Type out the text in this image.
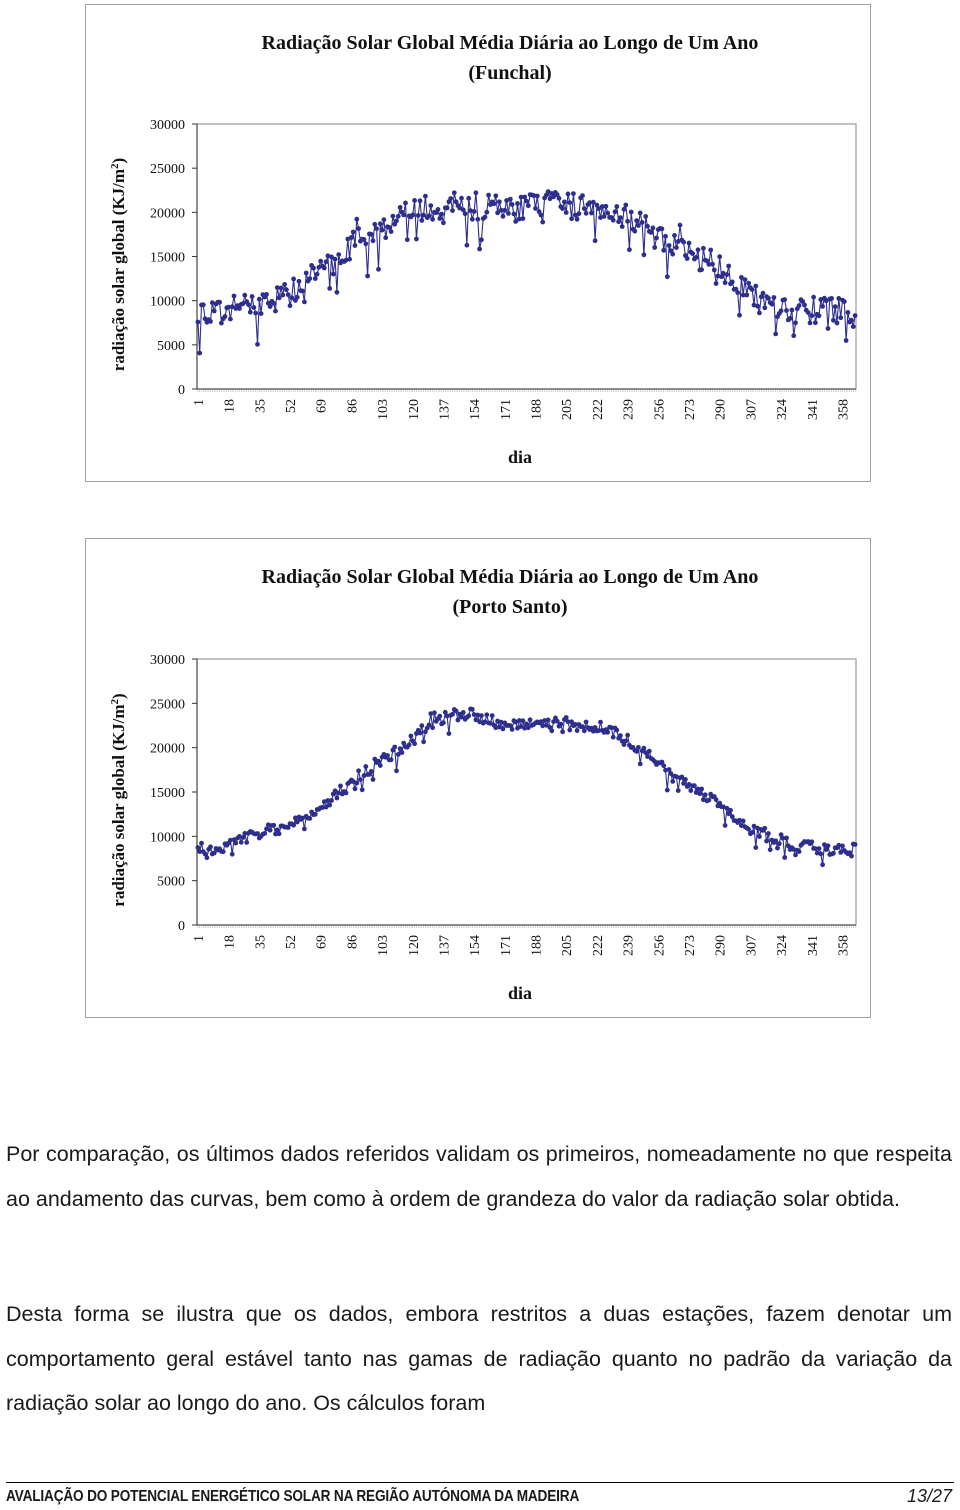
Radiação Solar Global Média Diária ao Longo de Um Ano
(Funchal)
0
5000
10000
15000
20000
25000
30000
1 18 35 52 69 86 103 120 137 154 171 188 205 222 239 256 273 290 307 324 341 358
dia
radiação solar global $(KJ/m^2)$
Radiação Solar Global Média Diária ao Longo de Um Ano
(Porto Santo)
0
5000
10000
15000
20000
25000
30000
1 18 35 52 69 86 103 120 137 154 171 188 205 222 239 256 273 290 307 324 341 358
dia
radiação solar global $(KJ/m^2)$

Por comparação, os últimos dados referidos validam os primeiros, nomeadamente no que respeita ao andamento das curvas, bem como à ordem de grandeza do valor da radiação solar obtida.

Desta forma se ilustra que os dados, embora restritos a duas estações, fazem denotar um comportamento geral estável tanto nas gamas de radiação quanto no padrão da variação da radiação solar ao longo do ano. Os cálculos foram

AVALIAÇÃO DO POTENCIAL ENERGÉTICO SOLAR NA REGIÃO AUTÓNOMA DA MADEIRA	13/27
